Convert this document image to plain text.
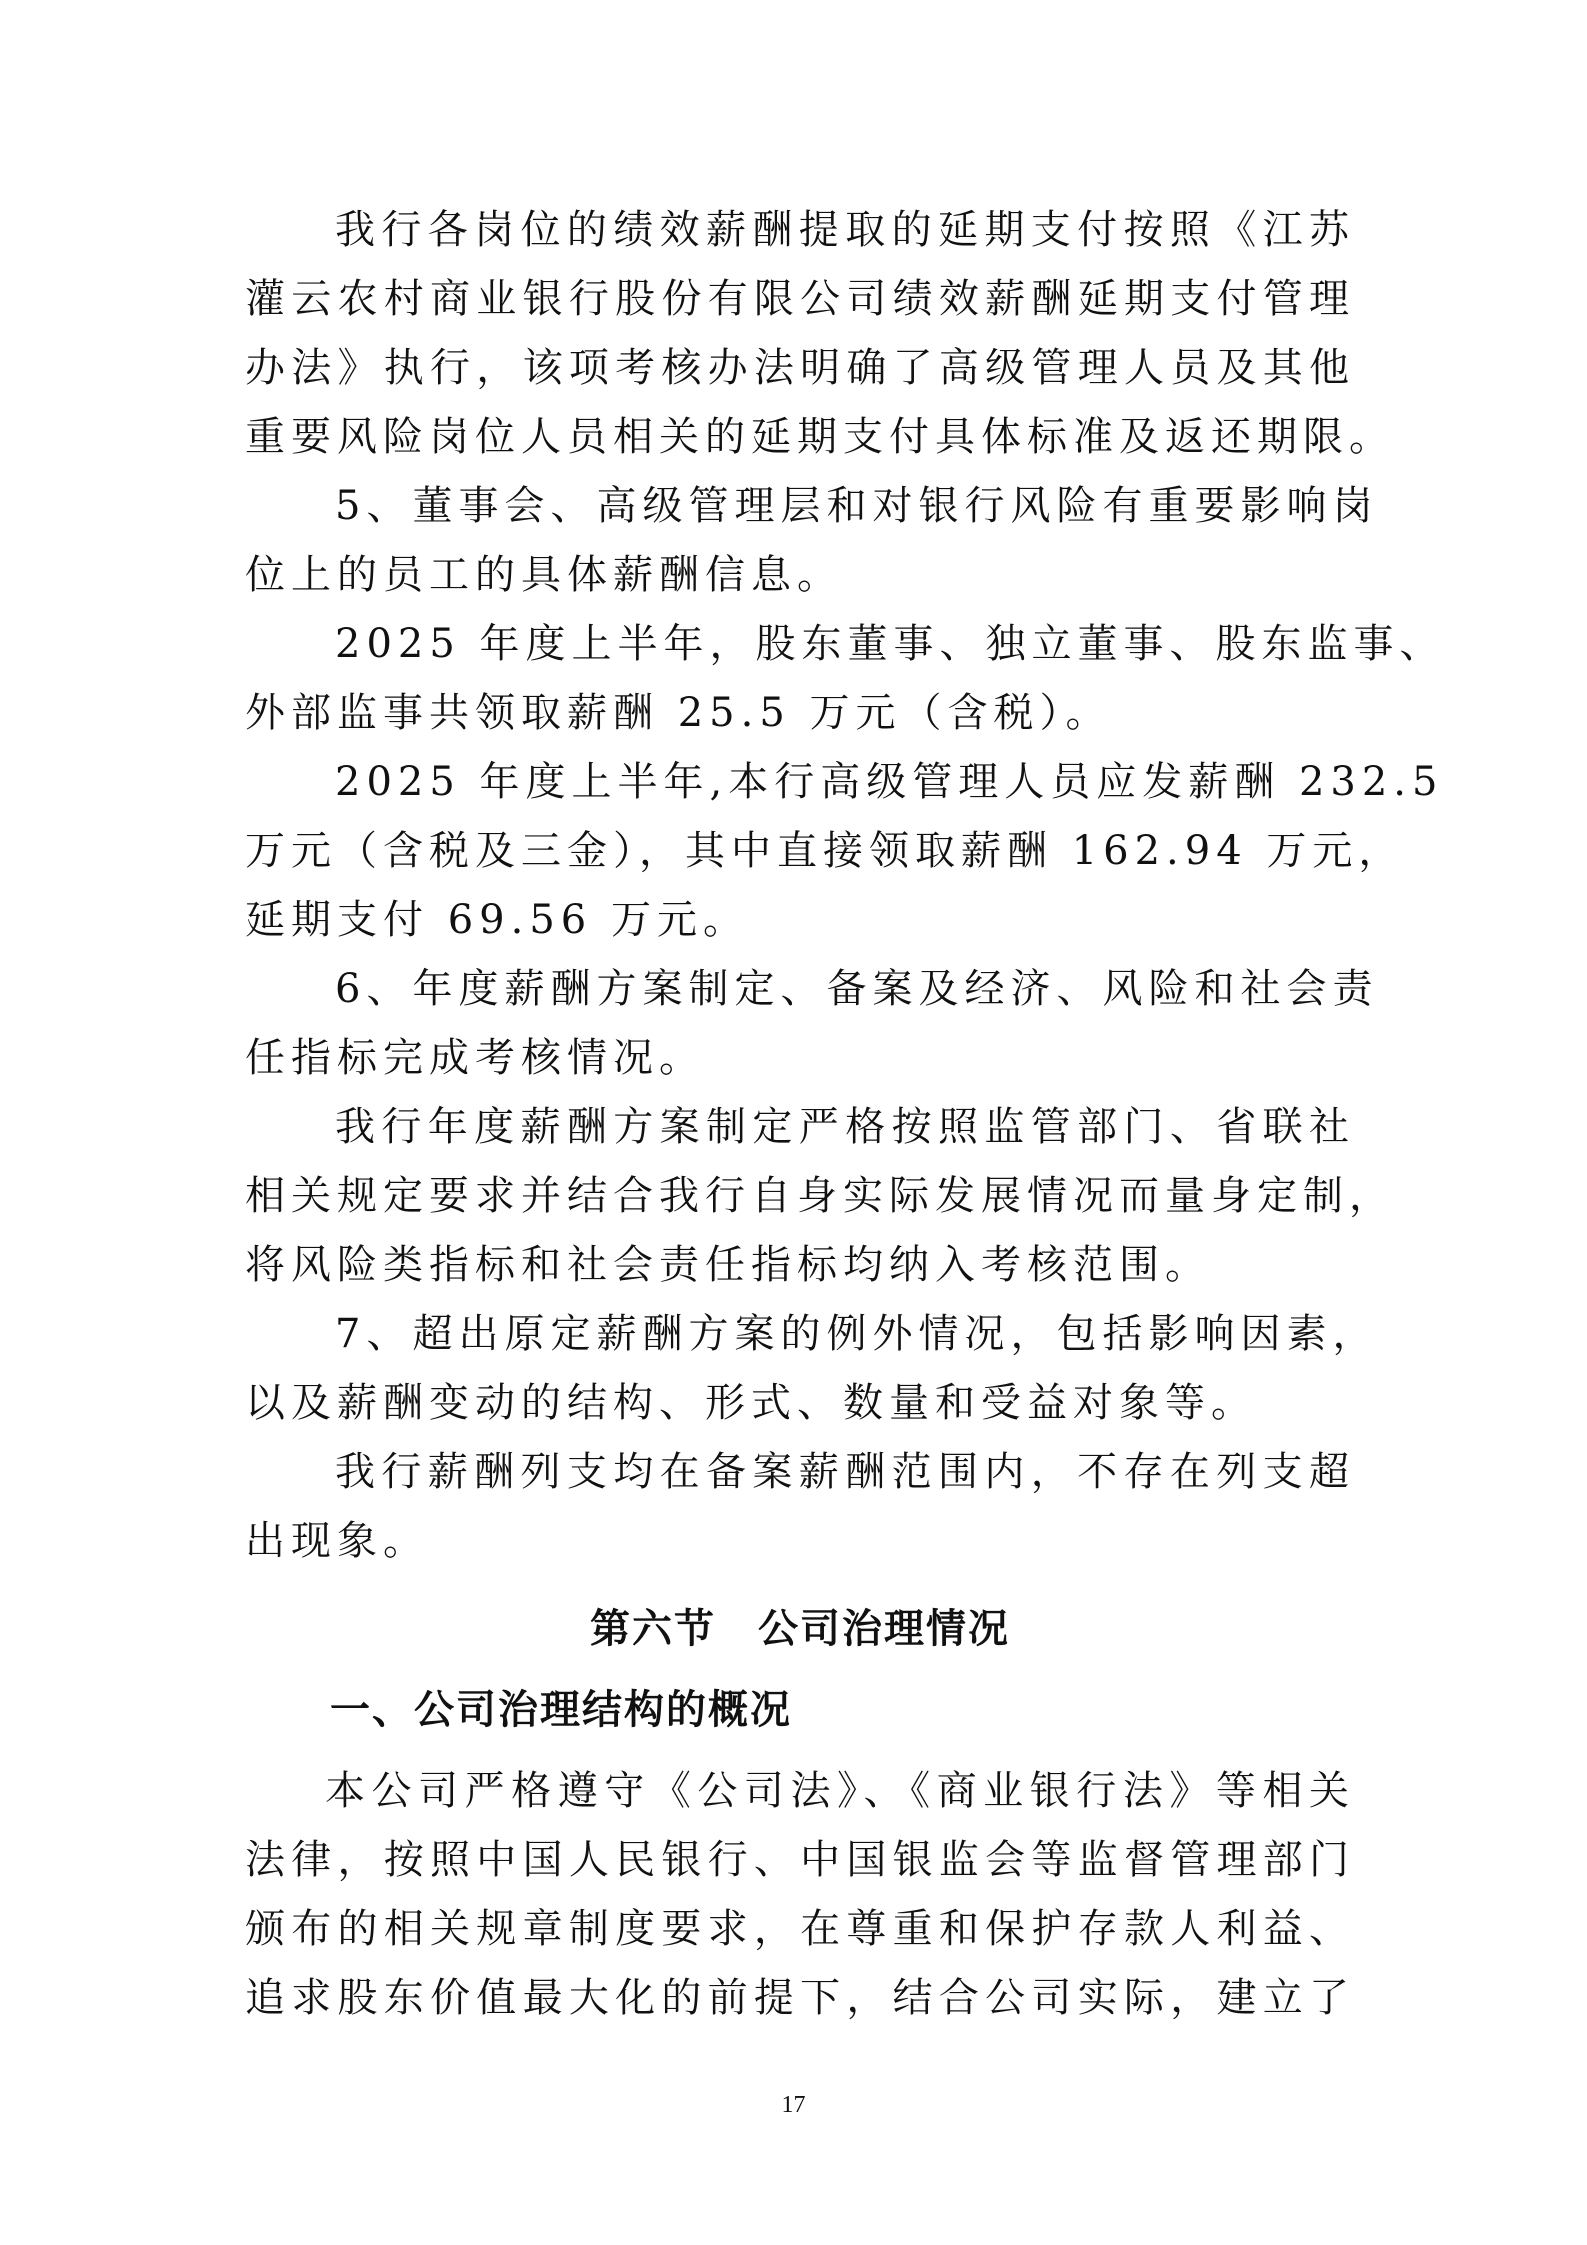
我行各岗位的绩效薪酬提取的延期支付按照《江苏
灌云农村商业银行股份有限公司绩效薪酬延期支付管理
办法》执行，该项考核办法明确了高级管理人员及其他
重要风险岗位人员相关的延期支付具体标准及返还期限。
5、董事会、高级管理层和对银行风险有重要影响岗
位上的员工的具体薪酬信息。
2025 年度上半年，股东董事、独立董事、股东监事、
外部监事共领取薪酬 25.5 万元（含税）。
2025 年度上半年,本行高级管理人员应发薪酬 232.5
万元（含税及三金），其中直接领取薪酬 162.94 万元，
延期支付 69.56 万元。
6、年度薪酬方案制定、备案及经济、风险和社会责
任指标完成考核情况。
我行年度薪酬方案制定严格按照监管部门、省联社
相关规定要求并结合我行自身实际发展情况而量身定制，
将风险类指标和社会责任指标均纳入考核范围。
7、超出原定薪酬方案的例外情况，包括影响因素，
以及薪酬变动的结构、形式、数量和受益对象等。
我行薪酬列支均在备案薪酬范围内，不存在列支超
出现象。
第六节　公司治理情况
一、公司治理结构的概况
本公司严格遵守《公司法》、《商业银行法》等相关
法律，按照中国人民银行、中国银监会等监督管理部门
颁布的相关规章制度要求，在尊重和保护存款人利益、
追求股东价值最大化的前提下，结合公司实际，建立了
17
